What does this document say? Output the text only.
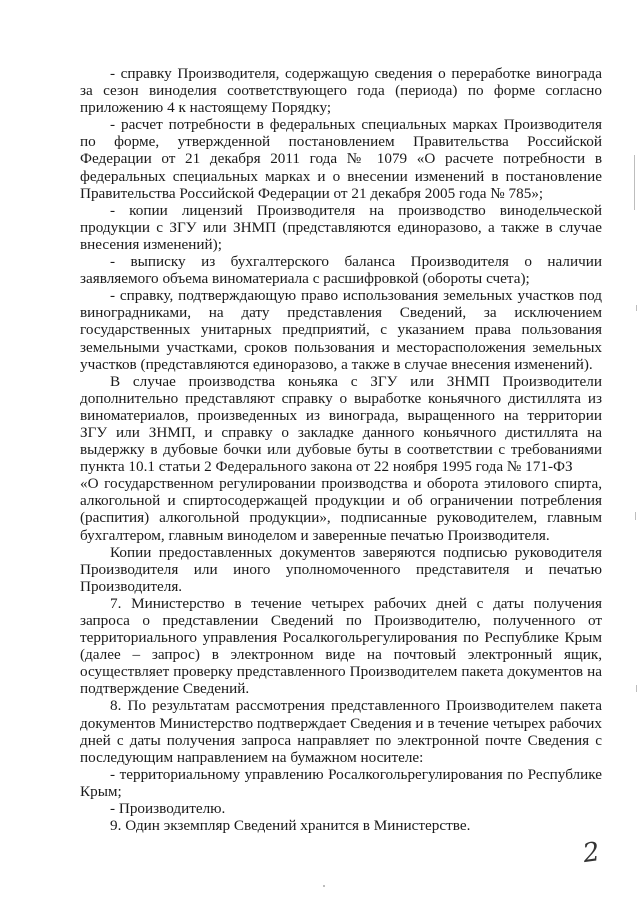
- справку Производителя, содержащую сведения о переработке винограда за сезон виноделия соответствующего года (периода) по форме согласно приложению 4 к настоящему Порядку;

- расчет потребности в федеральных специальных марках Производителя по форме, утвержденной постановлением Правительства Российской Федерации от 21 декабря 2011 года № 1079 «О расчете потребности в федеральных специальных марках и о внесении изменений в постановление Правительства Российской Федерации от 21 декабря 2005 года № 785»;

- копии лицензий Производителя на производство винодельческой продукции с ЗГУ или ЗНМП (представляются единоразово, а также в случае внесения изменений);

- выписку из бухгалтерского баланса Производителя о наличии заявляемого объема виноматериала с расшифровкой (обороты счета);

- справку, подтверждающую право использования земельных участков под виноградниками, на дату представления Сведений, за исключением государственных унитарных предприятий, с указанием права пользования земельными участками, сроков пользования и месторасположения земельных участков (представляются единоразово, а также в случае внесения изменений).

В случае производства коньяка с ЗГУ или ЗНМП Производители дополнительно представляют справку о выработке коньячного дистиллята из виноматериалов, произведенных из винограда, выращенного на территории ЗГУ или ЗНМП, и справку о закладке данного коньячного дистиллята на выдержку в дубовые бочки или дубовые буты в соответствии с требованиями пункта 10.1 статьи 2 Федерального закона от 22 ноября 1995 года № 171-ФЗ

«О государственном регулировании производства и оборота этилового спирта, алкогольной и спиртосодержащей продукции и об ограничении потребления (распития) алкогольной продукции», подписанные руководителем, главным бухгалтером, главным виноделом и заверенные печатью Производителя.

Копии предоставленных документов заверяются подписью руководителя Производителя или иного уполномоченного представителя и печатью Производителя.

7. Министерство в течение четырех рабочих дней с даты получения запроса о представлении Сведений по Производителю, полученного от территориального управления Росалкогольрегулирования по Республике Крым (далее – запрос) в электронном виде на почтовый электронный ящик, осуществляет проверку представленного Производителем пакета документов на подтверждение Сведений.

8. По результатам рассмотрения представленного Производителем пакета документов Министерство подтверждает Сведения и в течение четырех рабочих дней с даты получения запроса направляет по электронной почте Сведения с последующим направлением на бумажном носителе:

- территориальному управлению Росалкогольрегулирования по Республике Крым;

- Производителю.

9. Один экземпляр Сведений хранится в Министерстве.

2
